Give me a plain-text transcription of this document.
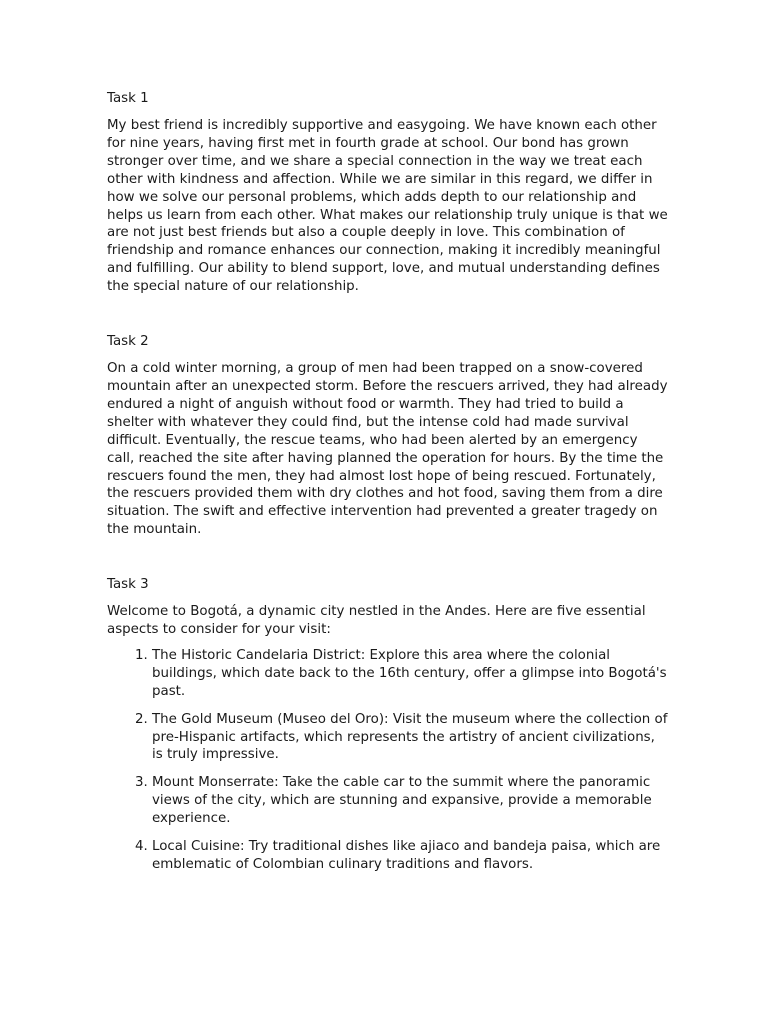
Task 1

My best friend is incredibly supportive and easygoing. We have known each other for nine years, having first met in fourth grade at school. Our bond has grown stronger over time, and we share a special connection in the way we treat each other with kindness and affection. While we are similar in this regard, we differ in how we solve our personal problems, which adds depth to our relationship and helps us learn from each other. What makes our relationship truly unique is that we are not just best friends but also a couple deeply in love. This combination of friendship and romance enhances our connection, making it incredibly meaningful and fulfilling. Our ability to blend support, love, and mutual understanding defines the special nature of our relationship.

Task 2

On a cold winter morning, a group of men had been trapped on a snow-covered mountain after an unexpected storm. Before the rescuers arrived, they had already endured a night of anguish without food or warmth. They had tried to build a shelter with whatever they could find, but the intense cold had made survival difficult. Eventually, the rescue teams, who had been alerted by an emergency call, reached the site after having planned the operation for hours. By the time the rescuers found the men, they had almost lost hope of being rescued. Fortunately, the rescuers provided them with dry clothes and hot food, saving them from a dire situation. The swift and effective intervention had prevented a greater tragedy on the mountain.

Task 3

Welcome to Bogotá, a dynamic city nestled in the Andes. Here are five essential aspects to consider for your visit:

1. The Historic Candelaria District: Explore this area where the colonial buildings, which date back to the 16th century, offer a glimpse into Bogotá's past.
2. The Gold Museum (Museo del Oro): Visit the museum where the collection of pre-Hispanic artifacts, which represents the artistry of ancient civilizations, is truly impressive.
3. Mount Monserrate: Take the cable car to the summit where the panoramic views of the city, which are stunning and expansive, provide a memorable experience.
4. Local Cuisine: Try traditional dishes like ajiaco and bandeja paisa, which are emblematic of Colombian culinary traditions and flavors.
